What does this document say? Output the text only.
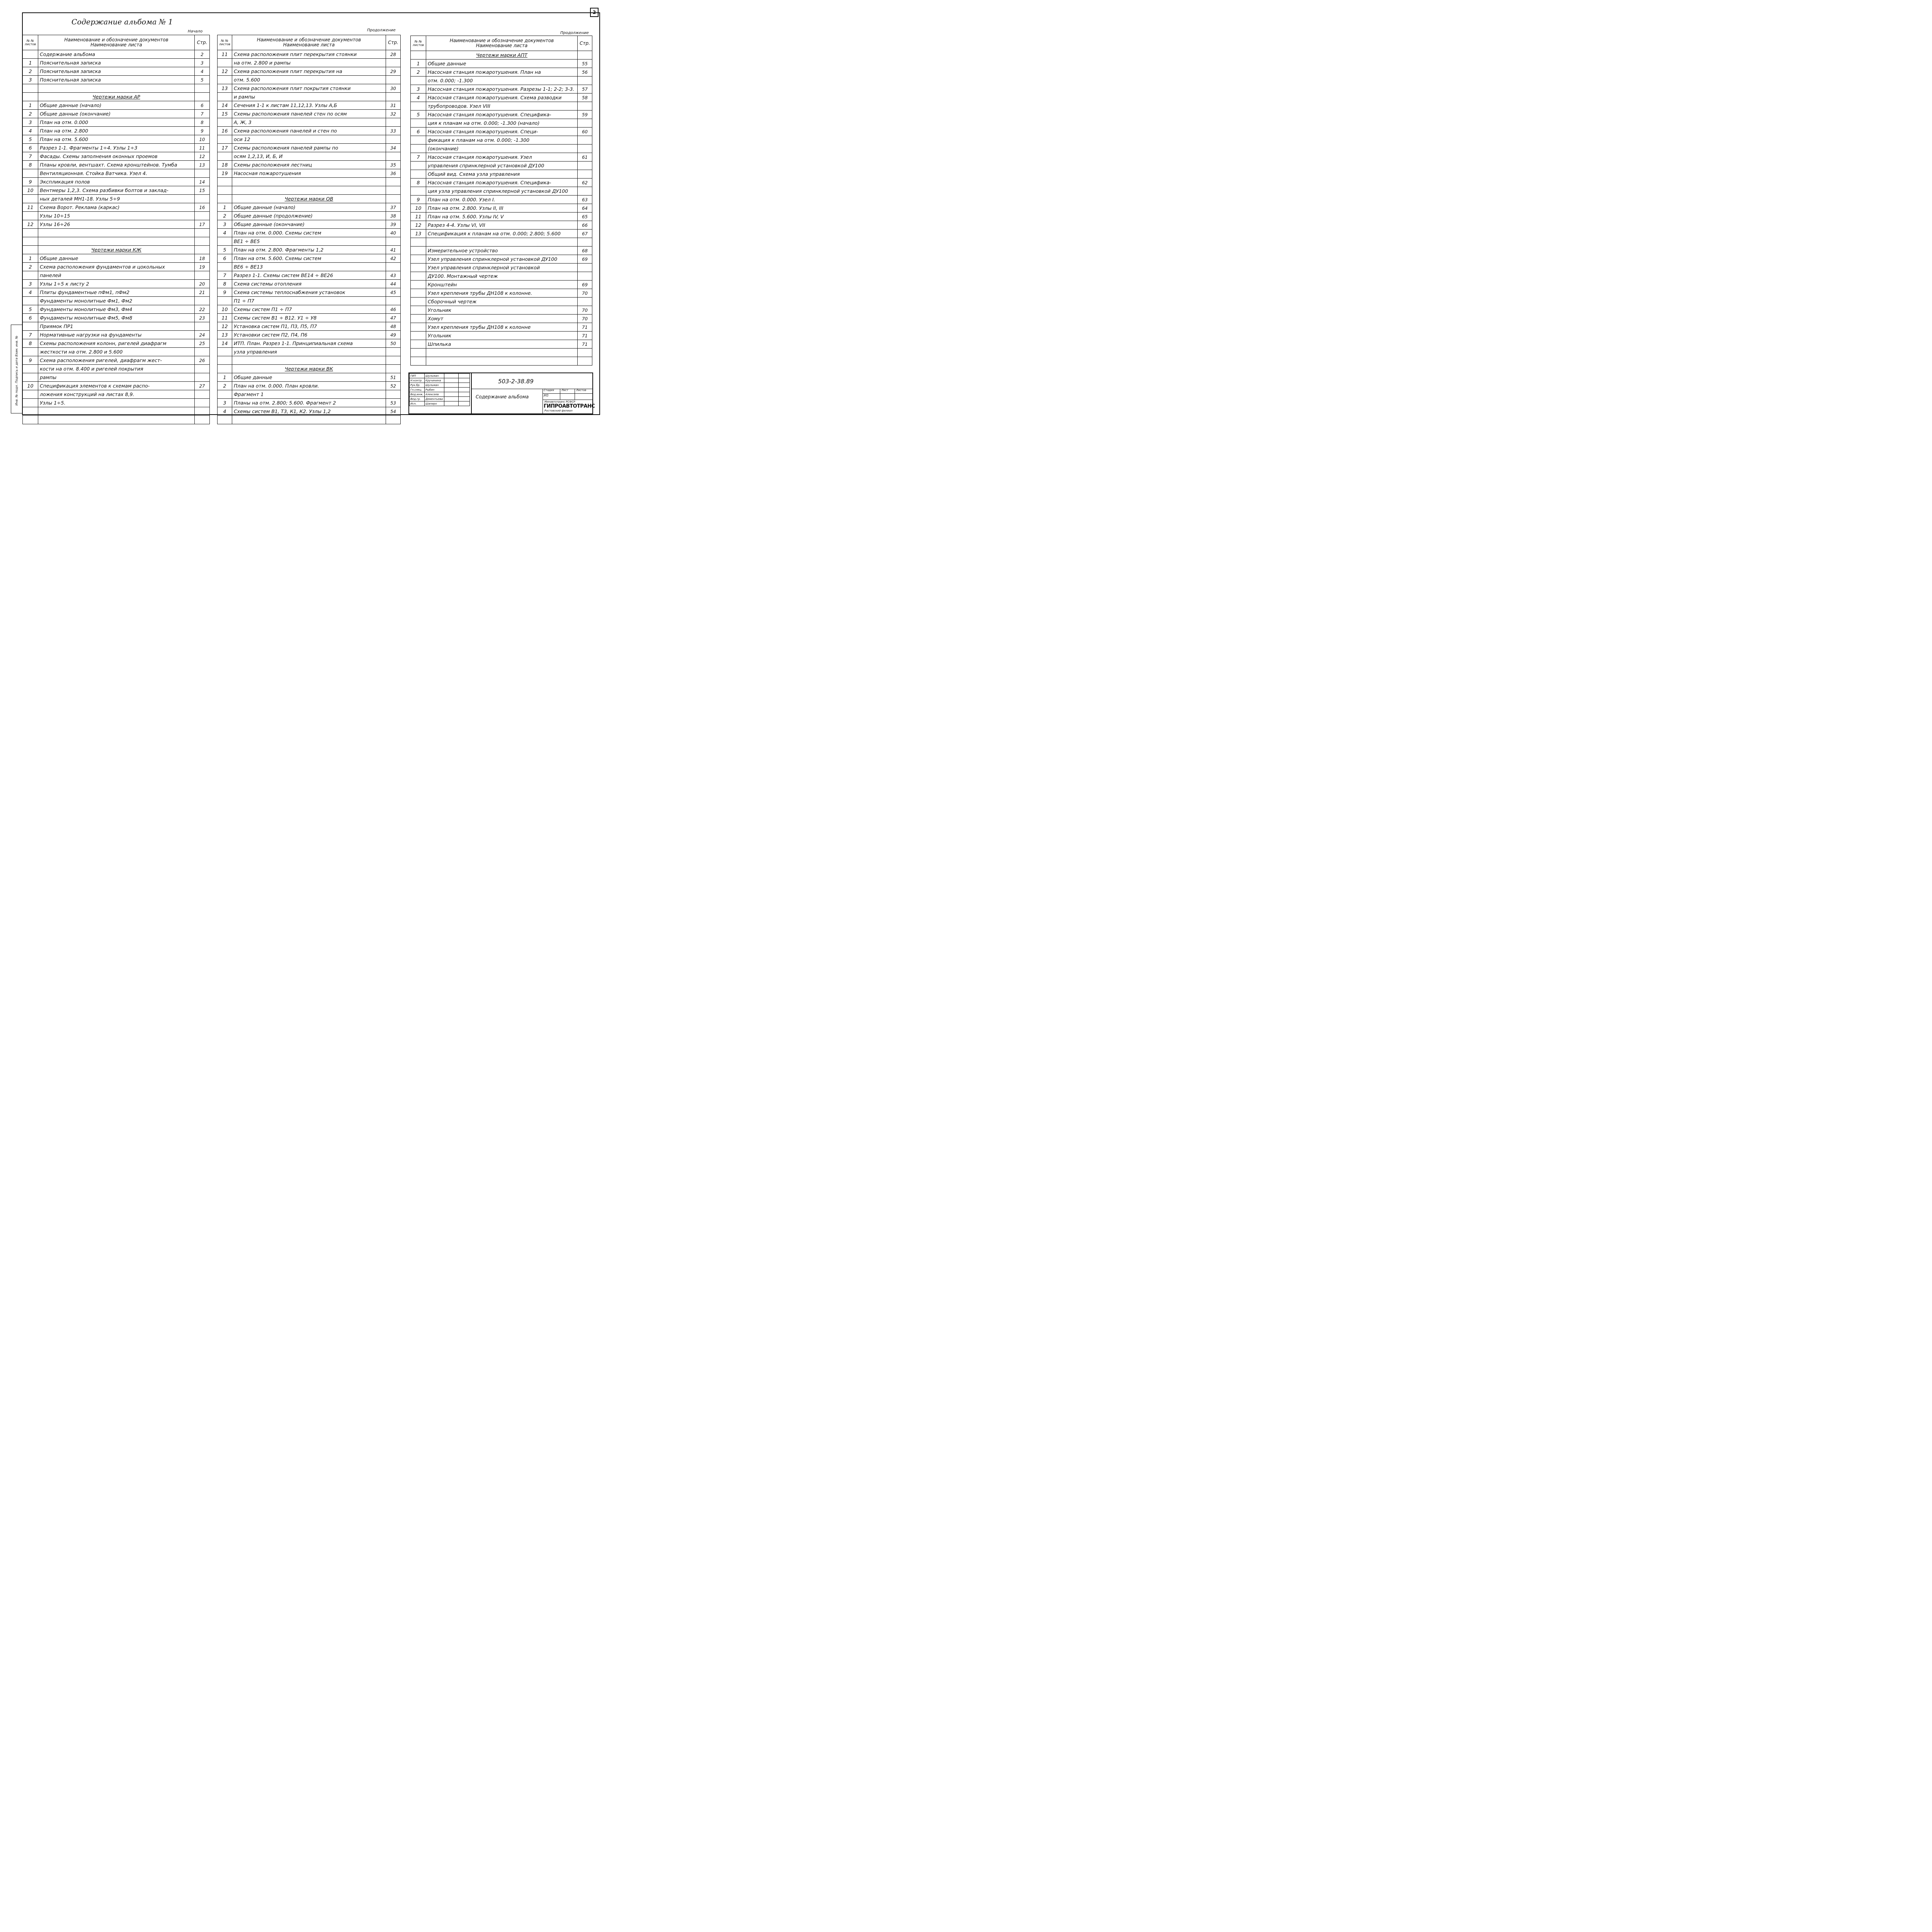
2
Содержание альбома № 1
Начало	Продолжение
Продолжение
№ № листов	Наименование и обозначение документов
Наименование листа	Стр.
	Содержание альбома	2
1	Пояснительная записка	3
2	Пояснительная записка	4
3	Пояснительная записка	5

	Чертежи марки АР	
1	Общие данные (начало)	6
2	Общие данные (окончание)	7
3	План на отм. 0.000	8
4	План на отм. 2.800	9
5	План на отм. 5.600	10
6	Разрез 1-1. Фрагменты 1÷4. Узлы 1÷3	11
7	Фасады. Схемы заполнения оконных проемов	12
8	Планы кровли, вентшахт. Схема кронштейнов. Тумба	13
	Вентиляционная. Стойка Ватчика. Узел 4.	
9	Экспликация полов	14
10	Вентмеры 1,2,3. Схема разбивки болтов и заклад-	15
	ных деталей МН1-18. Узлы 5÷9	
11	Схема Ворот. Реклама (каркас)	16
	Узлы 10÷15	
12	Узлы 16÷26	17

	Чертежи марки КЖ	
1	Общие данные	18
2	Схема расположения фундаментов и цокольных	19
	панелей	
3	Узлы 1÷5 к листу 2	20
4	Плиты фундаментные пФм1, пФм2	21
	Фундаменты монолитные Фм1, Фм2	
5	Фундаменты монолитные Фм3, Фм4	22
6	Фундаменты монолитные Фм5, Фм8	23
	Приямок ПР1	
7	Нормативные нагрузки на фундаменты	24
8	Схемы расположения колонн, ригелей диафрагм	25
	жесткости на отм. 2.800 и 5.600	
9	Схема расположения ригелей, диафрагм жест-	26
	кости на отм. 8.400 и ригелей покрытия	
	рампы	
10	Спецификация элементов к схемам распо-	27
	ложения конструкций на листах 8,9.	
	Узлы 1÷5.	

№ № листов	Наименование и обозначение документов
Наименование листа	Стр.
11	Схема расположения плит перекрытия стоянки	28
	на отм. 2.800 и рампы	
12	Схема расположения плит перекрытия на	29
	отм. 5.600	
13	Схема расположения плит покрытия стоянки	30
	и рампы	
14	Сечения 1-1 к листам 11,12,13. Узлы А,Б	31
15	Схемы расположения панелей стен по осям	32
	А, Ж, 3	
16	Схема расположения панелей и стен по	33
	оси 12	
17	Схемы расположения панелей рампы по	34
	осям 1,2,13, И, Б, И	
18	Схемы расположения лестниц	35
19	Насосная пожаротушения	36

	Чертежи марки ОВ	
1	Общие данные (начало)	37
2	Общие данные (продолжение)	38
3	Общие данные (окончание)	39
4	План на отм. 0.000. Схемы систем	40
	ВЕ1 ÷ ВЕ5	
5	План на отм. 2.800. Фрагменты 1,2	41
6	План на отм. 5.600. Схемы систем	42
	ВЕ6 ÷ ВЕ13	
7	Разрез 1-1. Схемы систем ВЕ14 ÷ ВЕ26	43
8	Схема системы отопления	44
9	Схема системы теплоснабжения установок	45
	П1 ÷ П7	
10	Схемы систем П1 ÷ П7	46
11	Схемы систем В1 ÷ В12. У1 ÷ У8	47
12	Установка систем П1, П3, П5, П7	48
13	Установки систем П2, П4, П6	49
14	ИТП. План. Разрез 1-1. Принципиальная схема	50
	узла управления	

	Чертежи марки ВК	
1	Общие данные	51
2	План на отм. 0.000. План кровли.	52
	Фрагмент 1	
3	Планы на отм. 2.800; 5.600. Фрагмент 2	53
4	Схемы систем В1, Т3, К1, К2. Узлы 1,2	54

№ № листов	Наименование и обозначение документов
Наименование листа	Стр.
	Чертежи марки АПТ	
1	Общие данные	55
2	Насосная станция пожаротушения. План на	56
	отм. 0.000; -1.300	
3	Насосная станция пожаротушения. Разрезы 1-1; 2-2; 3-3.	57
4	Насосная станция пожаротушения. Схема разводки	58
	трубопроводов. Узел VIII	
5	Насосная станция пожаротушения. Специфика-	59
	ция к планам на отм. 0.000; -1.300 (начало)	
6	Насосная станция пожаротушения. Специ-	60
	фикация к планам на отм. 0.000; -1.300	
	(окончание)	
7	Насосная станция пожаротушения. Узел	61
	управления спринклерной установкой ДУ100	
	Общий вид. Схема узла управления	
8	Насосная станция пожаротушения. Специфика-	62
	ция узла управления спринклерной установкой ДУ100	
9	План на отм. 0.000. Узел I.	63
10	План на отм. 2.800. Узлы II, III	64
11	План на отм. 5.600. Узлы IV, V	65
12	Разрез 4-4. Узлы VI, VII	66
13	Спецификация к планам на отм. 0.000; 2.800; 5.600	67

	Измерительное устройство	68
	Узел управления спринклерной установкой ДУ100	69
	Узел управления спринклерной установкой	
	ДУ100. Монтажный чертеж	
	Кронштейн	69
	Узел крепления трубы ДН108 к колонне.	70
	Сборочный чертеж	
	Угольник	70
	Хомут	70
	Узел крепления трубы ДН108 к колонне	71
	Угольник	71
	Шпилька	71

ГИП	Шульман		
Н.контр.	Кручинина		
Рук.бр.	Шульман		
Гл.спец.	Рыбин		
Вед.инж.	Алексеев		
Вед.гр.	Дементьева		
Исп.	Шапиро		
503-2-38.89
Содержание альбома
Стадия	Лист	Листов
РП
Минавтотранс РСФСР
ГИПРОАВТОТРАНС
Ростовский филиал
Инв. № подл. Подпись и дата Взам. инв. №
